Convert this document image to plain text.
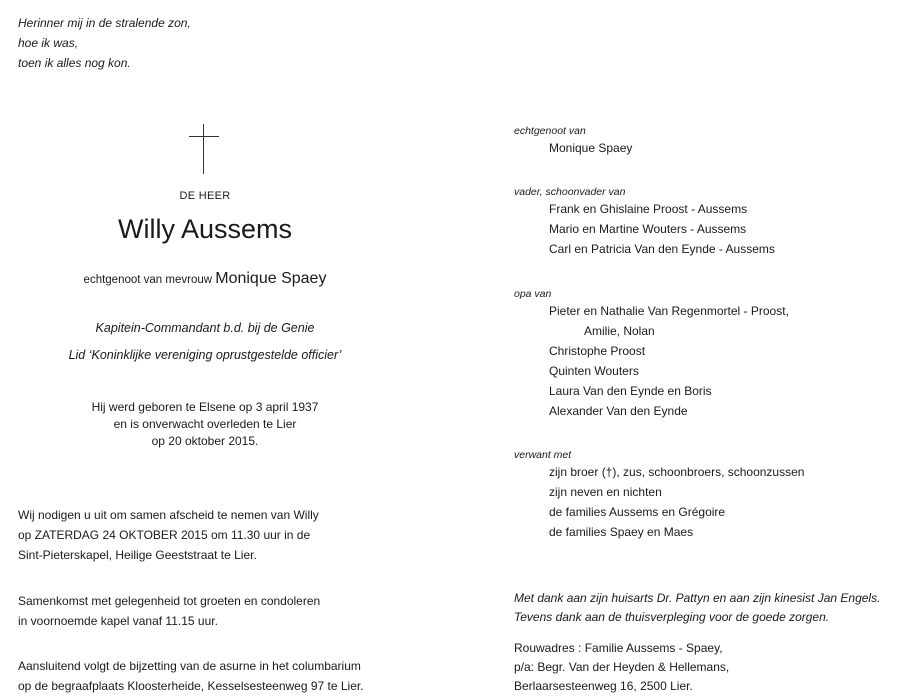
Herinner mij in de stralende zon,
hoe ik was,
toen ik alles nog kon.
DE HEER
Willy Aussems
echtgenoot van mevrouw Monique Spaey
Kapitein-Commandant b.d. bij de Genie
Lid ‘Koninklijke vereniging oprustgestelde officier’
Hij werd geboren te Elsene op 3 april 1937
en is onverwacht overleden te Lier
op 20 oktober 2015.
Wij nodigen u uit om samen afscheid te nemen van Willy
op ZATERDAG 24 OKTOBER 2015 om 11.30 uur in de
Sint-Pieterskapel, Heilige Geeststraat te Lier.
Samenkomst met gelegenheid tot groeten en condoleren
in voornoemde kapel vanaf 11.15 uur.
Aansluitend volgt de bijzetting van de asurne in het columbarium
op de begraafplaats Kloosterheide, Kesselsesteenweg 97 te Lier.
echtgenoot van
Monique Spaey
vader, schoonvader van
Frank en Ghislaine Proost - Aussems
Mario en Martine Wouters - Aussems
Carl en Patricia Van den Eynde - Aussems
opa van
Pieter en Nathalie Van Regenmortel - Proost,
Amilie, Nolan
Christophe Proost
Quinten Wouters
Laura Van den Eynde en Boris
Alexander Van den Eynde
verwant met
zijn broer (†), zus, schoonbroers, schoonzussen
zijn neven en nichten
de families Aussems en Grégoire
de families Spaey en Maes
Met dank aan zijn huisarts Dr. Pattyn en aan zijn kinesist Jan Engels.
Tevens dank aan de thuisverpleging voor de goede zorgen.
Rouwadres : Familie Aussems - Spaey,
p/a: Begr. Van der Heyden & Hellemans,
Berlaarsesteenweg 16, 2500 Lier.
